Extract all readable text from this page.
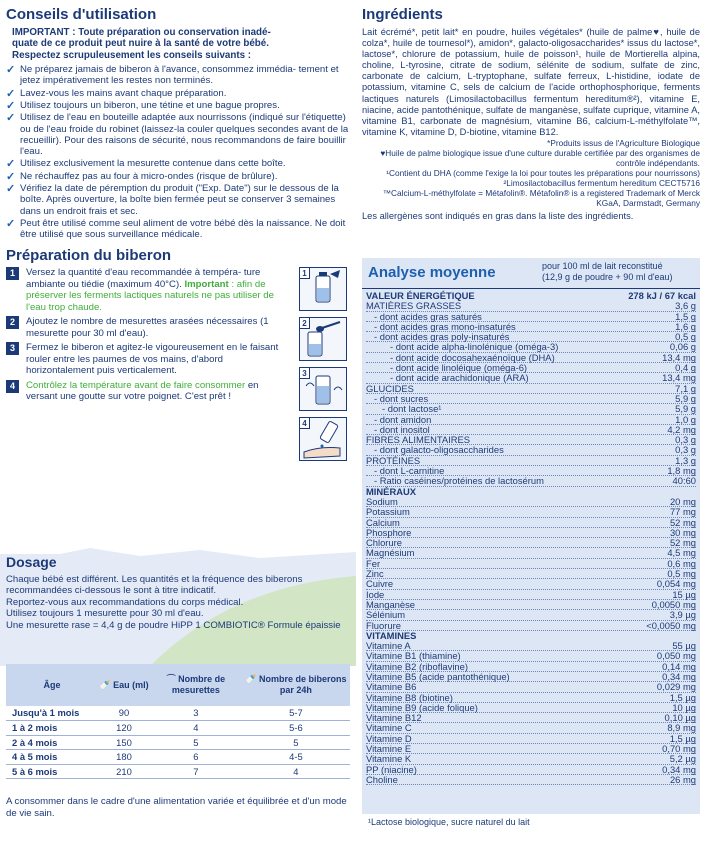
Conseils d'utilisation
IMPORTANT : Toute préparation ou conservation inadé-
quate de ce produit peut nuire à la santé de votre bébé.
Respectez scrupuleusement les conseils suivants :
✓ Ne préparez jamais de biberon à l'avance, consommez immédia- tement et jetez impérativement les restes non terminés.
✓ Lavez-vous les mains avant chaque préparation.
✓ Utilisez toujours un biberon, une tétine et une bague propres.
✓ Utilisez de l'eau en bouteille adaptée aux nourrissons (indiqué sur l'étiquette) ou de l'eau froide du robinet (laissez-la couler quelques secondes avant de la recueillir). Pour des raisons de sécurité, nous recommandons de faire bouillir l'eau.
✓ Utilisez exclusivement la mesurette contenue dans cette boîte.
✓ Ne réchauffez pas au four à micro-ondes (risque de brûlure).
✓ Vérifiez la date de péremption du produit ("Exp. Date") sur le dessous de la boîte. Après ouverture, la boîte bien fermée peut se conserver 3 semaines dans un endroit frais et sec.
✓ Peut être utilisé comme seul aliment de votre bébé dès la naissance. Ne doit être utilisé que sous surveillance médicale.
Préparation du biberon
1	Versez la quantité d'eau recommandée à tempéra- ture ambiante ou tiédie (maximum 40°C). Important : afin de préserver les ferments lactiques naturels ne pas utiliser de l'eau trop chaude.
2	Ajoutez le nombre de mesurettes arasées nécessaires (1 mesurette pour 30 ml d'eau).
3	Fermez le biberon et agitez-le vigoureusement en le faisant rouler entre les paumes de vos mains, d'abord horizontalement puis verticalement.
4	Contrôlez la température avant de faire consommer en versant une goutte sur votre poignet. C'est prêt !
1
2
3
4
Dosage

Chaque bébé est différent. Les quantités et la fréquence des biberons recommandées ci-dessous le sont à titre indicatif.

Reportez-vous aux recommandations du corps médical.

Utilisez toujours 1 mesurette pour 30 ml d'eau.

Une mesurette rase = 4,4 g de poudre HiPP 1 COMBIOTIC® Formule épaissie

Âge	🍼 Eau (ml)	⌒ Nombre de mesurettes	🍼 Nombre de biberons par 24h
Jusqu'à 1 mois	90	3	5-7
1 à 2 mois	120	4	5-6
2 à 4 mois	150	5	5
4 à 5 mois	180	6	4-5
5 à 6 mois	210	7	4
A consommer dans le cadre d'une alimentation variée et équilibrée et d'un mode de vie sain.
Ingrédients
Lait écrémé*, petit lait* en poudre, huiles végétales* (huile de palme♥, huile de colza*, huile de tournesol*), amidon*, galacto-oligosaccharides* issus du lactose*, lactose*, chlorure de potassium, huile de poisson¹, huile de Mortierella alpina, choline, L-tyrosine, citrate de sodium, sélénite de sodium, sulfate de zinc, carbonate de calcium, L-tryptophane, sulfate ferreux, L-histidine, iodate de potassium, vitamine C, sels de calcium de l'acide orthophosphorique, ferments lactiques naturels (Limosilactobacillus fermentum hereditum®²), vitamine E, niacine, acide pantothénique, sulfate de manganèse, sulfate cuprique, vitamine A, vitamine B1, carbonate de magnésium, vitamine B6, calcium-L-méthylfolate™, vitamine K, vitamine D, D-biotine, vitamine B12.
*Produits issus de l'Agriculture Biologique
♥Huile de palme biologique issue d'une culture durable certifiée par des organismes de contrôle indépendants.
¹Contient du DHA (comme l'exige la loi pour toutes les préparations pour nourrissons)
²Limosilactobacillus fermentum hereditum CECT5716
™Calcium-L-méthylfolate = Métafolin®. Métafolin® is a registered Trademark of Merck KGaA, Darmstadt, Germany
Les allergènes sont indiqués en gras dans la liste des ingrédients.
Analyse moyenne	pour 100 ml de lait reconstitué
(12,9 g de poudre + 90 ml d'eau)
VALEUR ÉNERGÉTIQUE	278 kJ / 67 kcal
MATIÈRES GRASSES	3,6 g
- dont acides gras saturés	1,5 g
- dont acides gras mono-insaturés	1,6 g
- dont acides gras poly-insaturés	0,5 g
- dont acide alpha-linolénique (oméga-3)	0,06 g
- dont acide docosahexaénoïque (DHA)	13,4 mg
- dont acide linoléique (oméga-6)	0,4 g
- dont acide arachidonique (ARA)	13,4 mg
GLUCIDES	7,1 g
- dont sucres	5,9 g
- dont lactose¹	5,9 g
- dont amidon	1,0 g
- dont inositol	4,2 mg
FIBRES ALIMENTAIRES	0,3 g
- dont galacto-oligosaccharides	0,3 g
PROTÉINES	1,3 g
- dont L-carnitine	1,8 mg
- Ratio caséines/protéines de lactosérum	40:60
MINÉRAUX
Sodium	20 mg
Potassium	77 mg
Calcium	52 mg
Phosphore	30 mg
Chlorure	52 mg
Magnésium	4,5 mg
Fer	0,6 mg
Zinc	0,5 mg
Cuivre	0,054 mg
Iode	15 µg
Manganèse	0,0050 mg
Sélénium	3,9 µg
Fluorure	<0,0050 mg
VITAMINES
Vitamine A	55 µg
Vitamine B1 (thiamine)	0,050 mg
Vitamine B2 (riboflavine)	0,14 mg
Vitamine B5 (acide pantothénique)	0,34 mg
Vitamine B6	0,029 mg
Vitamine B8 (biotine)	1,5 µg
Vitamine B9 (acide folique)	10 µg
Vitamine B12	0,10 µg
Vitamine C	8,9 mg
Vitamine D	1,5 µg
Vitamine E	0,70 mg
Vitamine K	5,2 µg
PP (niacine)	0,34 mg
Choline	26 mg
¹Lactose biologique, sucre naturel du lait
